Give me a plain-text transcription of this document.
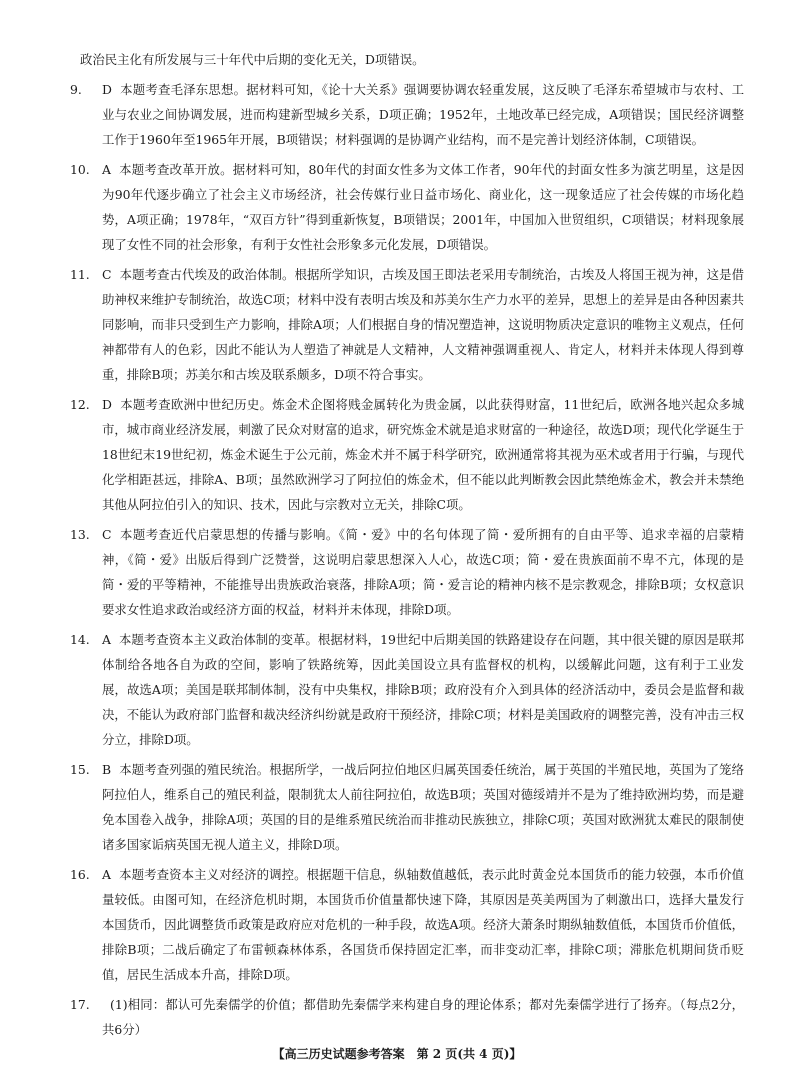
政治民主化有所发展与三十年代中后期的变化无关，D项错误。

9.	D 本题考查毛泽东思想。据材料可知，《论十大关系》强调要协调农轻重发展，这反映了毛泽东希望城市与农村、工业与农业之间协调发展，进而构建新型城乡关系，D项正确；1952年，土地改革已经完成，A项错误；国民经济调整工作于1960年至1965年开展，B项错误；材料强调的是协调产业结构，而不是完善计划经济体制，C项错误。
10. A 本题考查改革开放。据材料可知，80年代的封面女性多为文体工作者，90年代的封面女性多为演艺明星，这是因为90年代逐步确立了社会主义市场经济，社会传媒行业日益市场化、商业化，这一现象适应了社会传媒的市场化趋势，A项正确；1978年，“双百方针”得到重新恢复，B项错误；2001年，中国加入世贸组织，C项错误；材料现象展现了女性不同的社会形象，有利于女性社会形象多元化发展，D项错误。
11. C 本题考查古代埃及的政治体制。根据所学知识，古埃及国王即法老采用专制统治，古埃及人将国王视为神，这是借助神权来维护专制统治，故选C项；材料中没有表明古埃及和苏美尔生产力水平的差异，思想上的差异是由各种因素共同影响，而非只受到生产力影响，排除A项；人们根据自身的情况塑造神，这说明物质决定意识的唯物主义观点，任何神都带有人的色彩，因此不能认为人塑造了神就是人文精神，人文精神强调重视人、肯定人，材料并未体现人得到尊重，排除B项；苏美尔和古埃及联系颇多，D项不符合事实。
12. D 本题考查欧洲中世纪历史。炼金术企图将贱金属转化为贵金属，以此获得财富，11世纪后，欧洲各地兴起众多城市，城市商业经济发展，刺激了民众对财富的追求，研究炼金术就是追求财富的一种途径，故选D项；现代化学诞生于18世纪末19世纪初，炼金术诞生于公元前，炼金术并不属于科学研究，欧洲通常将其视为巫术或者用于行骗，与现代化学相距甚远，排除A、B项；虽然欧洲学习了阿拉伯的炼金术，但不能以此判断教会因此禁绝炼金术，教会并未禁绝其他从阿拉伯引入的知识、技术，因此与宗教对立无关，排除C项。
13. C 本题考查近代启蒙思想的传播与影响。《简・爱》中的名句体现了简・爱所拥有的自由平等、追求幸福的启蒙精神，《简・爱》出版后得到广泛赞誉，这说明启蒙思想深入人心，故选C项；简・爱在贵族面前不卑不亢，体现的是简・爱的平等精神，不能推导出贵族政治衰落，排除A项；简・爱言论的精神内核不是宗教观念，排除B项；女权意识要求女性追求政治或经济方面的权益，材料并未体现，排除D项。
14. A 本题考查资本主义政治体制的变革。根据材料，19世纪中后期美国的铁路建设存在问题，其中很关键的原因是联邦体制给各地各自为政的空间，影响了铁路统筹，因此美国设立具有监督权的机构，以缓解此问题，这有利于工业发展，故选A项；美国是联邦制体制，没有中央集权，排除B项；政府没有介入到具体的经济活动中，委员会是监督和裁决，不能认为政府部门监督和裁决经济纠纷就是政府干预经济，排除C项；材料是美国政府的调整完善，没有冲击三权分立，排除D项。
15. B 本题考查列强的殖民统治。根据所学，一战后阿拉伯地区归属英国委任统治，属于英国的半殖民地，英国为了笼络阿拉伯人，维系自己的殖民利益，限制犹太人前往阿拉伯，故选B项；英国对德绥靖并不是为了维持欧洲均势，而是避免本国卷入战争，排除A项；英国的目的是维系殖民统治而非推动民族独立，排除C项；英国对欧洲犹太难民的限制使诸多国家诟病英国无视人道主义，排除D项。
16. A 本题考查资本主义对经济的调控。根据题干信息，纵轴数值越低，表示此时黄金兑本国货币的能力较强，本币价值量较低。由图可知，在经济危机时期，本国货币价值量都快速下降，其原因是英美两国为了刺激出口，选择大量发行本国货币，因此调整货币政策是政府应对危机的一种手段，故选A项。经济大萧条时期纵轴数值低，本国货币价值低，排除B项；二战后确定了布雷顿森林体系，各国货币保持固定汇率，而非变动汇率，排除C项；滞胀危机期间货币贬值，居民生活成本升高，排除D项。
17.	(1)相同：都认可先秦儒学的价值；都借助先秦儒学来构建自身的理论体系；都对先秦儒学进行了扬弃。（每点2分，共6分）
【高三历史试题参考答案　第 2 页(共 4 页)】
